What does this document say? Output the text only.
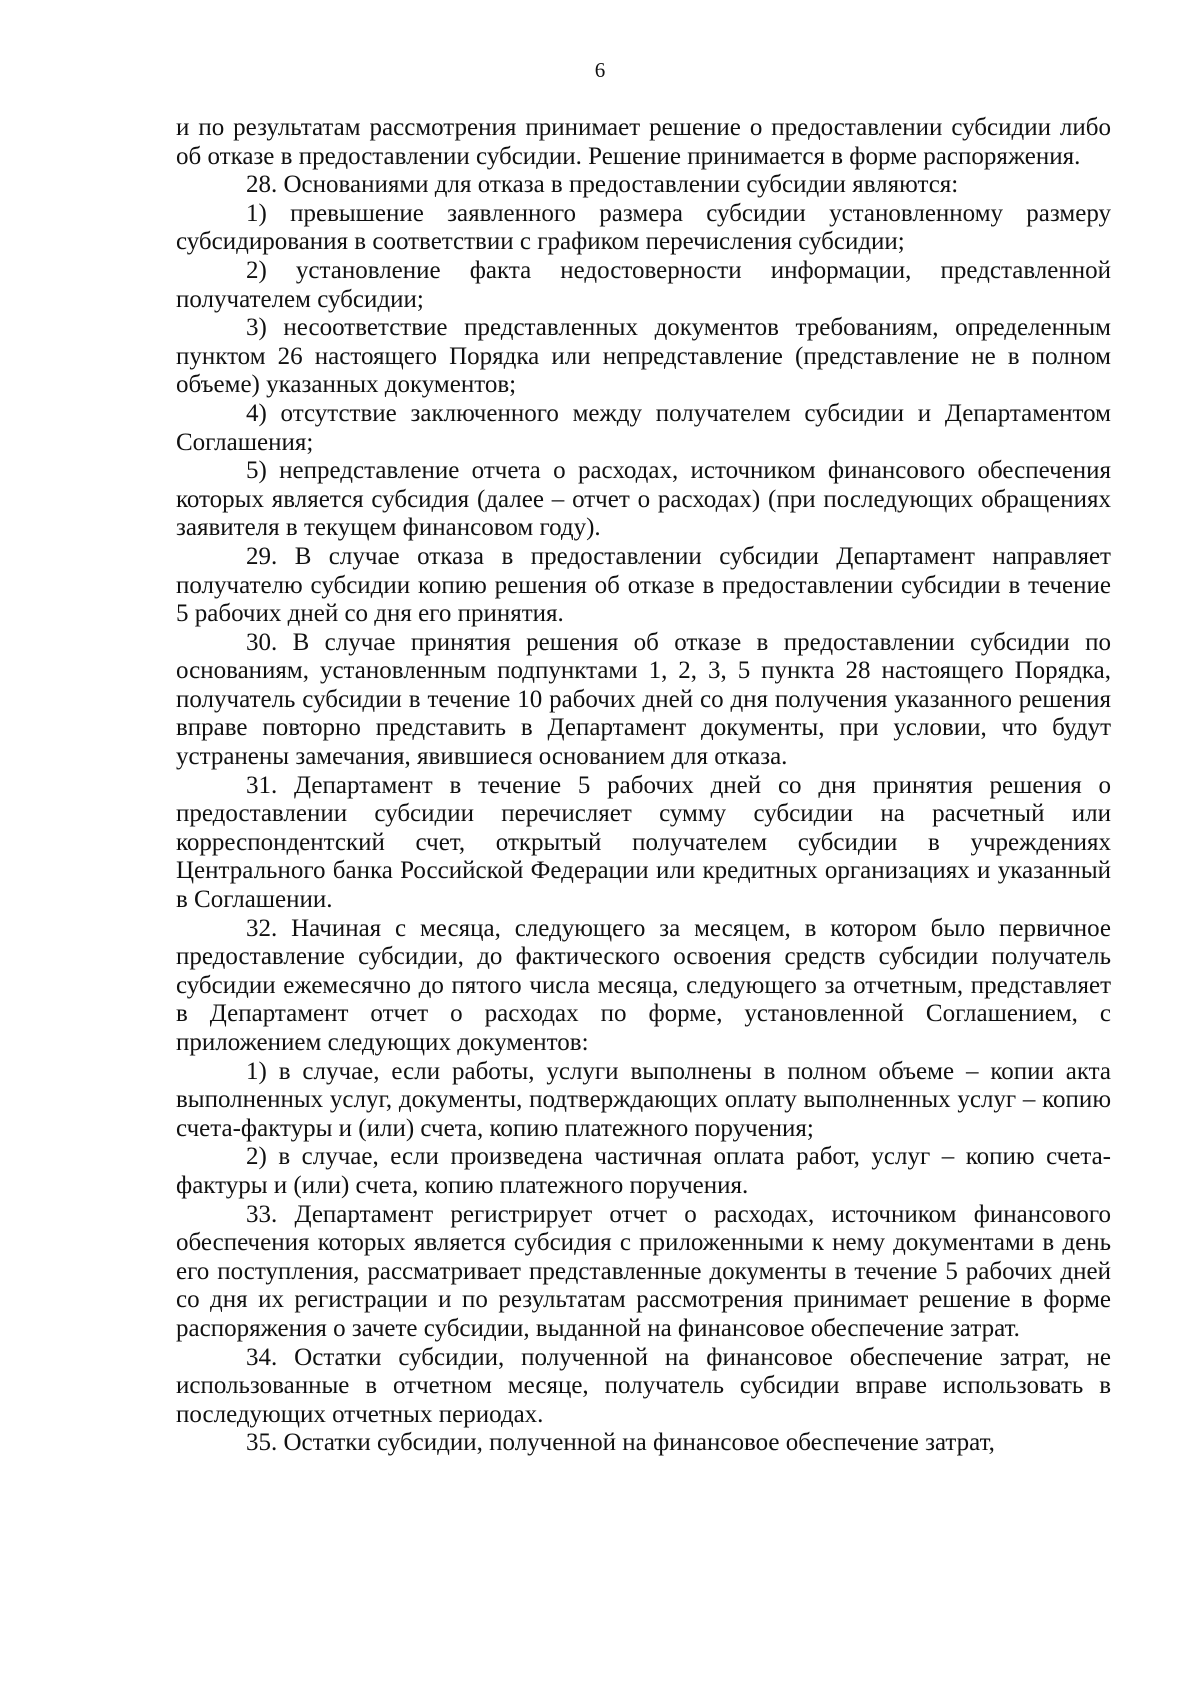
6

и по результатам рассмотрения принимает решение о предоставлении субсидии либо об отказе в предоставлении субсидии. Решение принимается в форме распоряжения.

28. Основаниями для отказа в предоставлении субсидии являются:

1) превышение заявленного размера субсидии установленному размеру субсидирования в соответствии с графиком перечисления субсидии;

2) установление факта недостоверности информации, представленной получателем субсидии;

3) несоответствие представленных документов требованиям, определенным пунктом 26 настоящего Порядка или непредставление (представление не в полном объеме) указанных документов;

4) отсутствие заключенного между получателем субсидии и Департаментом Соглашения;

5) непредставление отчета о расходах, источником финансового обеспечения которых является субсидия (далее – отчет о расходах) (при последующих обращениях заявителя в текущем финансовом году).

29. В случае отказа в предоставлении субсидии Департамент направляет получателю субсидии копию решения об отказе в предоставлении субсидии в течение 5 рабочих дней со дня его принятия.

30. В случае принятия решения об отказе в предоставлении субсидии по основаниям, установленным подпунктами 1, 2, 3, 5 пункта 28 настоящего Порядка, получатель субсидии в течение 10 рабочих дней со дня получения указанного решения вправе повторно представить в Департамент документы, при условии, что будут устранены замечания, явившиеся основанием для отказа.

31. Департамент в течение 5 рабочих дней со дня принятия решения о предоставлении субсидии перечисляет сумму субсидии на расчетный или корреспондентский счет, открытый получателем субсидии в учреждениях Центрального банка Российской Федерации или кредитных организациях и указанный в Соглашении.

32. Начиная с месяца, следующего за месяцем, в котором было первичное предоставление субсидии, до фактического освоения средств субсидии получатель субсидии ежемесячно до пятого числа месяца, следующего за отчетным, представляет в Департамент отчет о расходах по форме, установленной Соглашением, с приложением следующих документов:

1) в случае, если работы, услуги выполнены в полном объеме – копии акта выполненных услуг, документы, подтверждающих оплату выполненных услуг – копию счета-фактуры и (или) счета, копию платежного поручения;

2) в случае, если произведена частичная оплата работ, услуг – копию счета-фактуры и (или) счета, копию платежного поручения.

33. Департамент регистрирует отчет о расходах, источником финансового обеспечения которых является субсидия с приложенными к нему документами в день его поступления, рассматривает представленные документы в течение 5 рабочих дней со дня их регистрации и по результатам рассмотрения принимает решение в форме распоряжения о зачете субсидии, выданной на финансовое обеспечение затрат.

34. Остатки субсидии, полученной на финансовое обеспечение затрат, не использованные в отчетном месяце, получатель субсидии вправе использовать в последующих отчетных периодах.

35. Остатки субсидии, полученной на финансовое обеспечение затрат,
